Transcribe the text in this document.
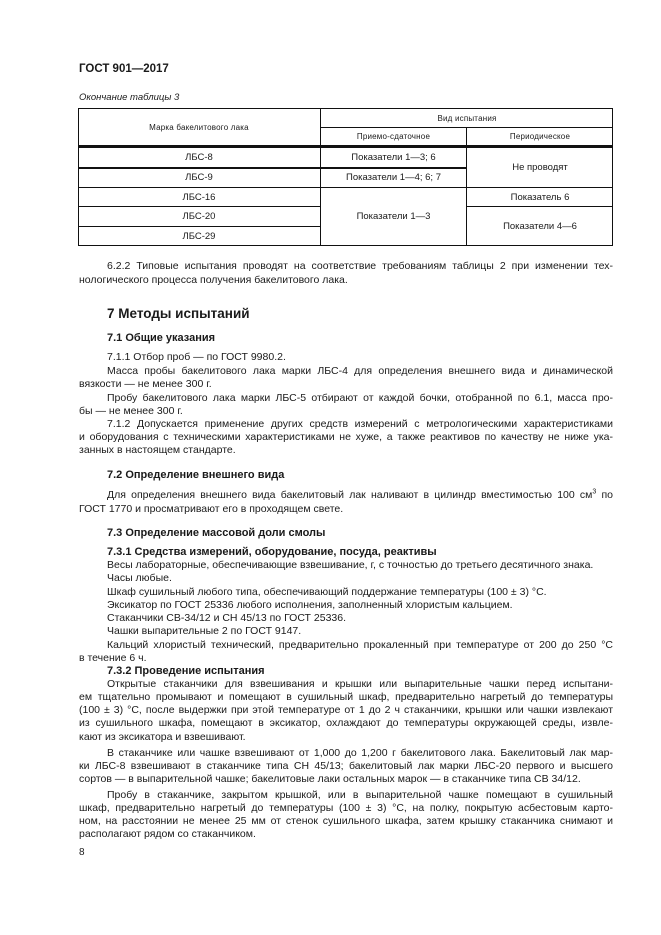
ГОСТ 901—2017
Окончание таблицы 3
Марка бакелитового лака
Вид испытания
Приемо-сдаточное	Периодическое
ЛБС-8
ЛБС-9
ЛБС-16
ЛБС-20
ЛБС-29
Показатели 1—3; 6
Показатели 1—4; 6; 7
Показатели 1—3
Не проводят
Показатель 6
Показатели 4—6
6.2.2 Типовые испытания проводят на соответствие требованиям таблицы 2 при изменении тех-
нологического процесса получения бакелитового лака.
7 Методы испытаний
7.1 Общие указания
7.1.1 Отбор проб — по ГОСТ 9980.2.
Масса пробы бакелитового лака марки ЛБС-4 для определения внешнего вида и динамической
вязкости — не менее 300 г.
Пробу бакелитового лака марки ЛБС-5 отбирают от каждой бочки, отобранной по 6.1, масса про-
бы — не менее 300 г.
7.1.2 Допускается применение других средств измерений с метрологическими характеристиками
и оборудования с техническими характеристиками не хуже, а также реактивов по качеству не ниже ука-
занных в настоящем стандарте.
7.2 Определение внешнего вида
Для определения внешнего вида бакелитовый лак наливают в цилиндр вместимостью 100 $см^3$ по
ГОСТ 1770 и просматривают его в проходящем свете.
7.3 Определение массовой доли смолы
7.3.1 Средства измерений, оборудование, посуда, реактивы
Весы лабораторные, обеспечивающие взвешивание, г, с точностью до третьего десятичного знака.
Часы любые.
Шкаф сушильный любого типа, обеспечивающий поддержание температуры (100 ± 3) °С.
Эксикатор по ГОСТ 25336 любого исполнения, заполненный хлористым кальцием.
Стаканчики СВ-34/12 и СН 45/13 по ГОСТ 25336.
Чашки выпарительные 2 по ГОСТ 9147.
Кальций хлористый технический, предварительно прокаленный при температуре от 200 до 250 °С
в течение 6 ч.
7.3.2 Проведение испытания
Открытые стаканчики для взвешивания и крышки или выпарительные чашки перед испытани-
ем тщательно промывают и помещают в сушильный шкаф, предварительно нагретый до температуры
(100 ± 3) °С, после выдержки при этой температуре от 1 до 2 ч стаканчики, крышки или чашки извлекают
из сушильного шкафа, помещают в эксикатор, охлаждают до температуры окружающей среды, извле-
кают из эксикатора и взвешивают.
В стаканчике или чашке взвешивают от 1,000 до 1,200 г бакелитового лака. Бакелитовый лак мар-
ки ЛБС-8 взвешивают в стаканчике типа СН 45/13; бакелитовый лак марки ЛБС-20 первого и высшего
сортов — в выпарительной чашке; бакелитовые лаки остальных марок — в стаканчике типа СВ 34/12.
Пробу в стаканчике, закрытом крышкой, или в выпарительной чашке помещают в сушильный
шкаф, предварительно нагретый до температуры (100 ± 3) °С, на полку, покрытую асбестовым карто-
ном, на расстоянии не менее 25 мм от стенок сушильного шкафа, затем крышку стаканчика снимают и
располагают рядом со стаканчиком.
8
